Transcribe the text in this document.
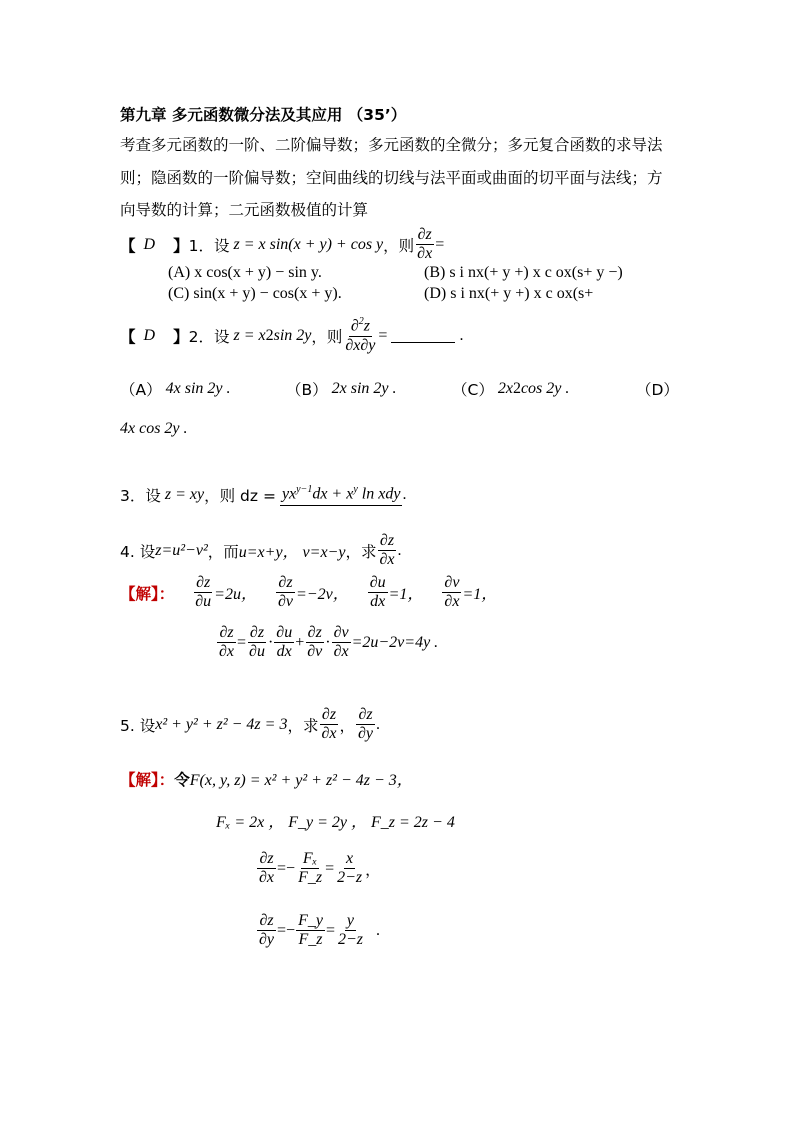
第九章 多元函数微分法及其应用 （35’）
考查多元函数的一阶、二阶偏导数；多元函数的全微分；多元复合函数的求导法
则；隐函数的一阶偏导数；空间曲线的切线与法平面或曲面的切平面与法线；方
向导数的计算；二元函数极值的计算
【 D 】 1．设 z = x sin(x + y) + cos y ，则 $\frac{\partial z}{\partial x}$ =
(A) x cos(x + y) − sin y.	(B) s i nx(+ y +) x c ox(s+ y −)
(C) sin(x + y) − cos(x + y).	(D) s i nx(+ y +) x c ox(s+
【 D 】 2．设 z = x 2 sin 2y ，则 $\frac{\partial^2z}{\partial x\partial y}$ =	.
（A） 4x sin 2y .	（B） 2x sin 2y .	（C） 2x 2 cos 2y .	（D）
4x cos 2y .
3．设 z = x y ，则 dz = $yx^{y-1}dx + x^y$ ln xdy .
4. 设 z=u²−v² ，而 u=x+y， v=x−y ，求 $\frac{\partial z}{\partial x}$ .
【解】： $\frac{\partial z}{\partial u} =2u$， $\frac{\partial z}{\partial v} =-2v$， $\frac{\partial u}{dx} =1$， $\frac{\partial v}{\partial x} =1$，
$\frac{\partial z}{\partial x} = \frac{\partial z}{\partial u} \cdot \frac{\partial u}{dx} + \frac{\partial z}{\partial v} \cdot \frac{\partial v}{\partial x} =2u-2v=4y$ .
5. 设 x² + y² + z² − 4z = 3 ，求 $\frac{\partial z}{\partial x}$ ， $\frac{\partial z}{\partial y}$ .
【解】： 令 F(x, y, z) = x² + y² + z² − 4z − 3，
Fₓ = 2x ， F_y = 2y ， F_z = 2z − 4
$\frac{\partial z}{\partial x} =- \frac{\text{Fₓ}}{F\_z} = \frac{x}{2-z}$ ，
$\frac{\partial z}{\partial y} =- \frac{F\_y}{F\_z} = \frac{y}{2-z}$ .
